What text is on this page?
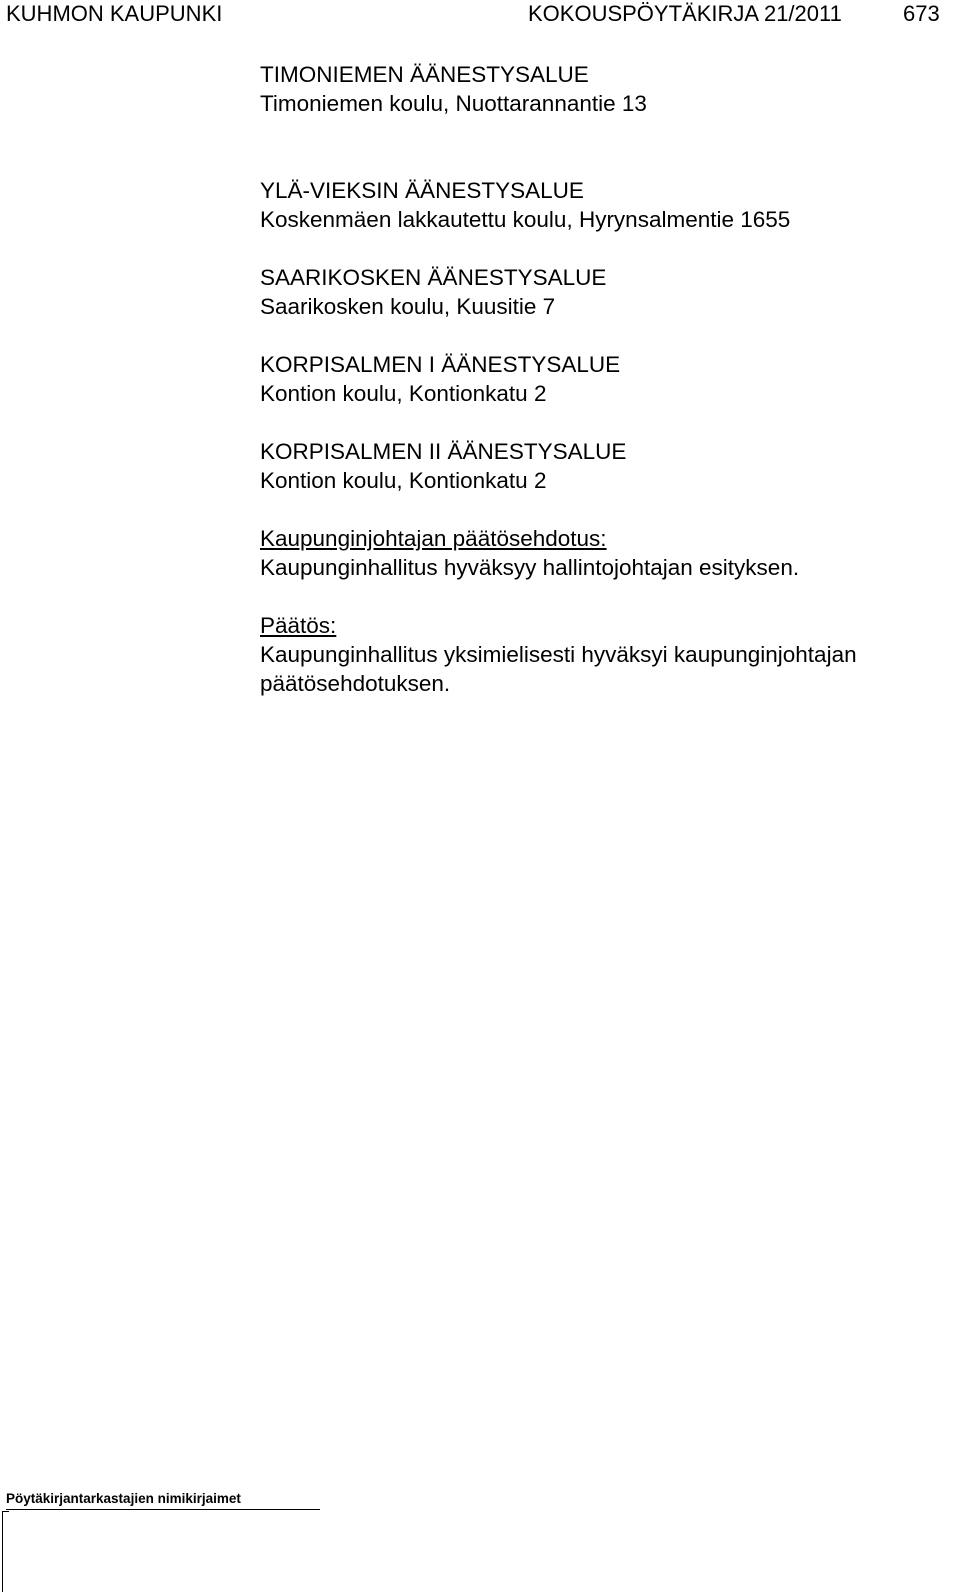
KUHMON KAUPUNKI	KOKOUSPÖYTÄKIRJA 21/2011	673

TIMONIEMEN ÄÄNESTYSALUE

Timoniemen koulu, Nuottarannantie 13

YLÄ-VIEKSIN ÄÄNESTYSALUE

Koskenmäen lakkautettu koulu, Hyrynsalmentie 1655

SAARIKOSKEN ÄÄNESTYSALUE

Saarikosken koulu, Kuusitie 7

KORPISALMEN I ÄÄNESTYSALUE

Kontion koulu, Kontionkatu 2

KORPISALMEN II ÄÄNESTYSALUE

Kontion koulu, Kontionkatu 2

Kaupunginjohtajan päätösehdotus:

Kaupunginhallitus hyväksyy hallintojohtajan esityksen.

Päätös:

Kaupunginhallitus yksimielisesti hyväksyi kaupunginjohtajan päätösehdotuksen.

Pöytäkirjantarkastajien nimikirjaimet
